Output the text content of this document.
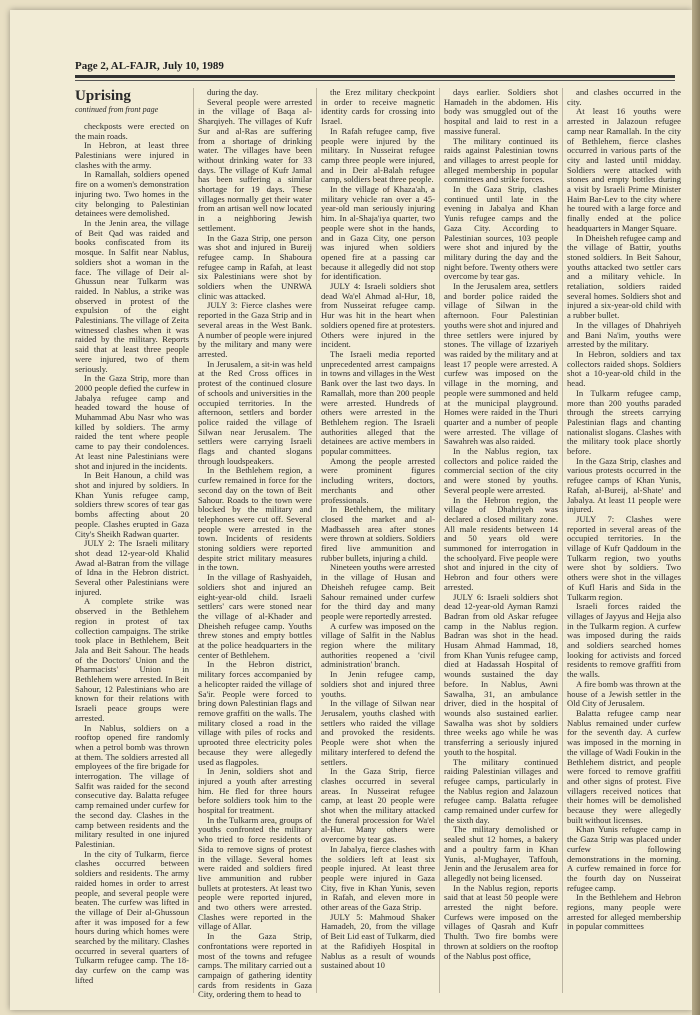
Page 2, AL-FAJR, July 10, 1989

Uprising

continued from front page

checkposts were erected on the main roads.

In Hebron, at least three Palestinians were injured in clashes with the army.

In Ramallah, soldiers opened fire on a women's demonstration injuring two. Two homes in the city belonging to Palestinian detainees were demolished.

In the Jenin area, the village of Beit Qad was raided and books confiscated from its mosque. In Salfit near Nablus, soldiers shot a woman in the face. The village of Deir al-Ghussun near Tulkarm was raided. In Nablus, a strike was observed in protest of the expulsion of the eight Palestinians. The village of Zeita witnessed clashes when it was raided by the military. Reports said that at least three people were injured, two of them seriously.

In the Gaza Strip, more than 2000 people defied the curfew in Jabalya refugee camp and headed toward the house of Muhammad Abu Nasr who was killed by soldiers. The army raided the tent where people came to pay their condolences. At least nine Palestinians were shot and injured in the incidents.

In Beit Hanoun, a child was shot and injured by soldiers. In Khan Yunis refugee camp, soldiers threw scores of tear gas bombs affecting about 20 people. Clashes erupted in Gaza City's Sheikh Radwan quarter.

JULY 2: The Israeli military shot dead 12-year-old Khalid Awad al-Batran from the village of Idna in the Hebron district. Several other Palestinians were injured.

A complete strike was observed in the Bethlehem region in protest of tax collection campaigns. The strike took place in Bethlehem, Beit Jala and Beit Sahour. The heads of the Doctors' Union and the Pharmacists' Union in Bethlehem were arrested. In Beit Sahour, 12 Palestinians who are known for their relations with Israeli peace groups were arrested.

In Nablus, soldiers on a rooftop opened fire randomly when a petrol bomb was thrown at them. The soldiers arrested all employees of the fire brigade for interrogation. The village of Salfit was raided for the second consecutive day. Balatta refugee camp remained under curfew for the second day. Clashes in the camp between residents and the military resulted in one injured Palestinian.

In the city of Tulkarm, fierce clashes occurred between soldiers and residents. The army raided homes in order to arrest people, and several people were beaten. The curfew was lifted in the village of Deir al-Ghussoun after it was imposed for a few hours during which homes were searched by the military. Clashes occurred in several quarters of Tulkarm refugee camp. The 18-day curfew on the camp was lifted

during the day.

Several people were arrested in the village of Baqa al-Sharqiyeh. The villages of Kufr Sur and al-Ras are suffering from a shortage of drinking water. The villages have been without drinking water for 33 days. The village of Kufr Jamal has been suffering a similar shortage for 19 days. These villages normally get their water from an artisan well now located in a neighboring Jewish settlement.

In the Gaza Strip, one person was shot and injured in Bureij refugee camp. In Shaboura refugee camp in Rafah, at least six Palestinians were shot by soldiers when the UNRWA clinic was attacked.

JULY 3: Fierce clashes were reported in the Gaza Strip and in several areas in the West Bank. A number of people were injured by the military and many were arrested.

In Jerusalem, a sit-in was held at the Red Cross offices in protest of the continued closure of schools and universities in the occupied territories. In the afternoon, settlers and border police raided the village of Silwan near Jerusalem. The settlers were carrying Israeli flags and chanted slogans through loudspeakers.

In the Bethlehem region, a curfew remained in force for the second day on the town of Beit Sahour. Roads to the town were blocked by the military and telephones were cut off. Several people were arrested in the town. Incidents of residents stoning soldiers were reported despite strict military measures in the town.

In the village of Rashyaideh, soldiers shot and injured an eight-year-old child. Israeli settlers' cars were stoned near the village of al-Khader and Dheisheh refugee camp. Youths threw stones and empty bottles at the police headquarters in the center of Bethlehem.

In the Hebron district, military forces accompanied by a helicopter raided the village of Sa'ir. People were forced to bring down Palestinian flags and remove graffiti on the walls. The military closed a road in the village with piles of rocks and uprooted three electricity poles because they were allegedly used as flagpoles.

In Jenin, soldiers shot and injured a youth after arresting him. He fled for three hours before soldiers took him to the hospital for treatment.

In the Tulkarm area, groups of youths confronted the military who tried to force residents of Sida to remove signs of protest in the village. Several homes were raided and soldiers fired live ammunition and rubber bullets at protesters. At least two people were reported injured, and two others were arrested. Clashes were reported in the village of Allar.

In the Gaza Strip, confrontations were reported in most of the towns and refugee camps. The military carried out a campaign of gathering identity cards from residents in Gaza City, ordering them to head to

the Erez military checkpoint in order to receive magnetic identity cards for crossing into Israel.

In Rafah refugee camp, five people were injured by the military. In Nusseirat refugee camp three people were injured, and in Deir al-Balah refugee camp, soldiers beat three people.

In the village of Khaza'ah, a military vehicle ran over a 45-year-old man seriously injuring him. In al-Shaja'iya quarter, two people were shot in the hands, and in Gaza City, one person was injured when soldiers opened fire at a passing car because it allegedly did not stop for identification.

JULY 4: Israeli soldiers shot dead Wa'el Ahmad al-Hur, 18, from Nusseirat refugee camp. Hur was hit in the heart when soldiers opened fire at protesters. Others were injured in the incident.

The Israeli media reported unprecedented arrest campaigns in towns and villages in the West Bank over the last two days. In Ramallah, more than 200 people were arrested. Hundreds of others were arrested in the Bethlehem region. The Israeli authorities alleged that the detainees are active members in popular committees.

Among the people arrested were prominent figures including writers, doctors, merchants and other professionals.

In Bethlehem, the military closed the market and al-Madbasseh area after stones were thrown at soldiers. Soldiers fired live ammunition and rubber bullets, injuring a child.

Nineteen youths were arrested in the village of Husan and Dheisheh refugee camp. Beit Sahour remained under curfew for the third day and many people were reportedly arrested.

A curfew was imposed on the village of Salfit in the Nablus region where the military authorities reopened a 'civil administration' branch.

In Jenin refugee camp, soldiers shot and injured three youths.

In the village of Silwan near Jerusalem, youths clashed with settlers who raided the village and provoked the residents. People were shot when the military interfered to defend the settlers.

In the Gaza Strip, fierce clashes occurred in several areas. In Nusseirat refugee camp, at least 20 people were shot when the military attacked the funeral procession for Wa'el al-Hur. Many others were overcome by tear gas.

In Jabalya, fierce clashes with the soldiers left at least six people injured. At least three people were injured in Gaza City, five in Khan Yunis, seven in Rafah, and eleven more in other areas of the Gaza Strip.

JULY 5: Mahmoud Shaker Hamadeh, 20, from the village of Beit Lid east of Tulkarm, died at the Rafidiyeh Hospital in Nablus as a result of wounds sustained about 10

days earlier. Soldiers shot Hamadeh in the abdomen. His body was smuggled out of the hospital and laid to rest in a massive funeral.

The military continued its raids against Palestinian towns and villages to arrest people for alleged membership in popular committees and strike forces.

In the Gaza Strip, clashes continued until late in the evening in Jabalya and Khan Yunis refugee camps and the Gaza City. According to Palestinian sources, 103 people were shot and injured by the military during the day and the night before. Twenty others were overcome by tear gas.

In the Jerusalem area, settlers and border police raided the village of Silwan in the afternoon. Four Palestinian youths were shot and injured and three settlers were injured by stones. The village of Izzariyeh was raided by the military and at least 17 people were arrested. A curfew was imposed on the village in the morning, and people were summoned and held at the municipal playground. Homes were raided in the Thuri quarter and a number of people were arrested. The village of Sawahreh was also raided.

In the Nablus region, tax collectors and police raided the commercial section of the city and were stoned by youths. Several people were arrested.

In the Hebron region, the village of Dhahriyeh was declared a closed military zone. All male residents between 14 and 50 years old were summoned for interrogation in the schoolyard. Five people were shot and injured in the city of Hebron and four others were arrested.

JULY 6: Israeli soldiers shot dead 12-year-old Ayman Ramzi Badran from old Askar refugee camp in the Nablus region. Badran was shot in the head. Husam Ahmad Hammad, 18, from Khan Yunis refugee camp, died at Hadassah Hospital of wounds sustained the day before. In Nablus, Awni Sawalha, 31, an ambulance driver, died in the hospital of wounds also sustained earlier. Sawalha was shot by soldiers three weeks ago while he was transferring a seriously injured youth to the hospital.

The military continued raiding Palestinian villages and refugee camps, particularly in the Nablus region and Jalazoun refugee camp. Balatta refugee camp remained under curfew for the sixth day.

The military demolished or sealed shut 12 homes, a bakery and a poultry farm in Khan Yunis, al-Mughayer, Taffouh, Jenin and the Jerusalem area for allegedly not being licensed.

In the Nablus region, reports said that at least 50 people were arrested the night before. Curfews were imposed on the villages of Qasrah and Kufr Thulth. Two fire bombs were thrown at soldiers on the rooftop of the Nablus post office,

and clashes occurred in the city.

At least 16 youths were arrested in Jalazoun refugee camp near Ramallah. In the city of Bethlehem, fierce clashes occurred in various parts of the city and lasted until midday. Soldiers were attacked with stones and empty bottles during a visit by Israeli Prime Minister Haim Bar-Lev to the city where he toured with a large force and finally ended at the police headquarters in Manger Square.

In Dheisheh refugee camp and the village of Battir, youths stoned soldiers. In Beit Sahour, youths attacked two settler cars and a military vehicle. In retaliation, soldiers raided several homes. Soldiers shot and injured a six-year-old child with a rubber bullet.

In the villages of Dhahriyeh and Bani Na'im, youths were arrested by the military.

In Hebron, soldiers and tax collectors raided shops. Soldiers shot a 10-year-old child in the head.

In Tulkarm refugee camp, more than 200 youths paraded through the streets carrying Palestinian flags and chanting nationalist slogans. Clashes with the military took place shortly before.

In the Gaza Strip, clashes and various protests occurred in the refugee camps of Khan Yunis, Rafah, al-Bureij, al-Shate' and Jabalya. At least 11 people were injured.

JULY 7: Clashes were reported in several areas of the occupied territories. In the village of Kufr Qaddoum in the Tulkarm region, two youths were shot by soldiers. Two others were shot in the villages of Kufl Haris and Sida in the Tulkarm region.

Israeli forces raided the villages of Jayyus and Hejja also in the Tulkarm region. A curfew was imposed during the raids and soldiers searched homes looking for activists and forced residents to remove graffiti from the walls.

A fire bomb was thrown at the house of a Jewish settler in the Old City of Jerusalem.

Balatta refugee camp near Nablus remained under curfew for the seventh day. A curfew was imposed in the morning in the village of Wadi Foukin in the Bethlehem district, and people were forced to remove graffiti and other signs of protest. Five villagers received notices that their homes will be demolished because they were allegedly built without licenses.

Khan Yunis refugee camp in the Gaza Strip was placed under curfew following demonstrations in the morning. A curfew remained in force for the fourth day on Nusseirat refugee camp.

In the Bethlehem and Hebron regions, many people were arrested for alleged membership in popular committees
